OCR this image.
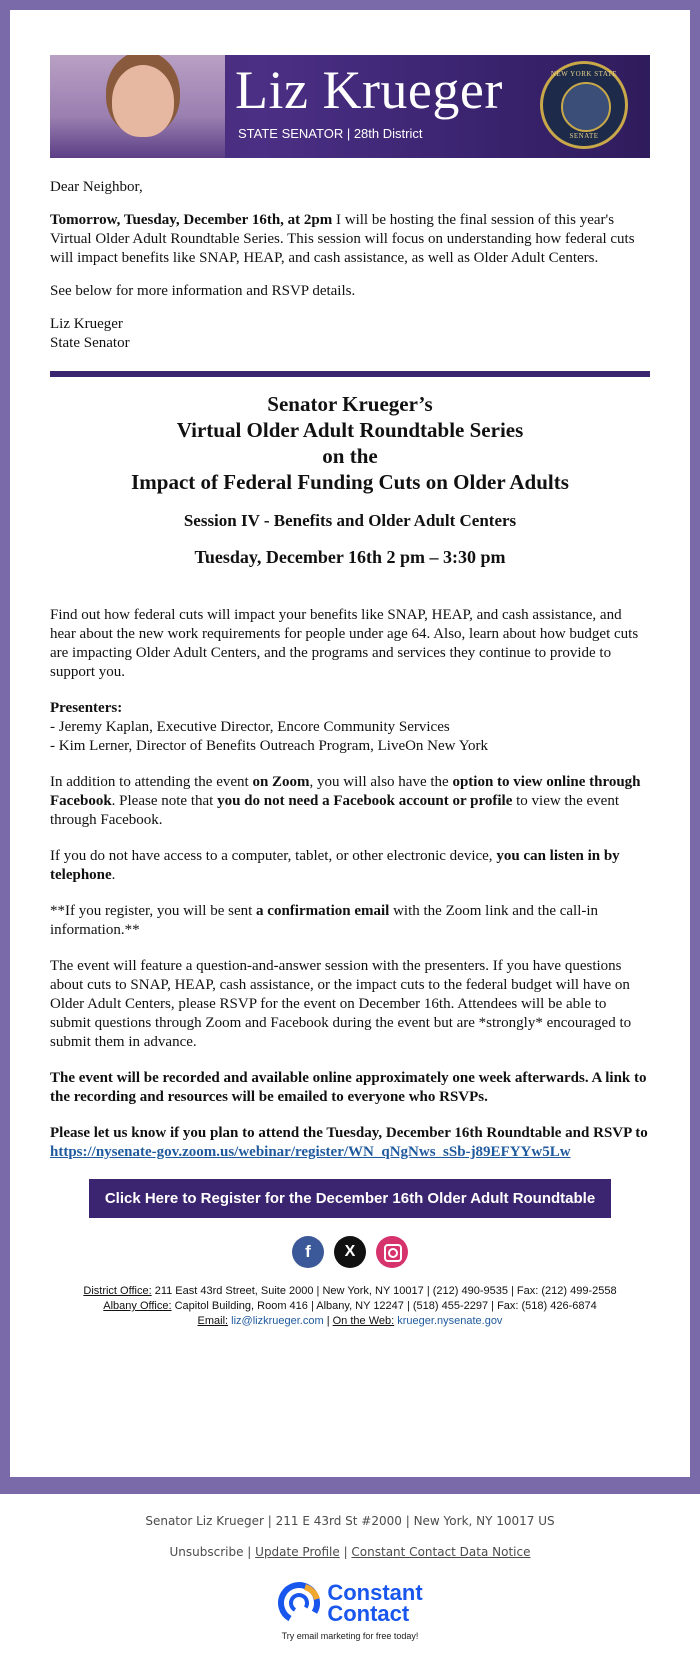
Liz Krueger
STATE SENATOR | 28th District
NEW YORK STATE
SENATE

Dear Neighbor,

Tomorrow, Tuesday, December 16th, at 2pm I will be hosting the final session of this year's Virtual Older Adult Roundtable Series. This session will focus on understanding how federal cuts will impact benefits like SNAP, HEAP, and cash assistance, as well as Older Adult Centers.

See below for more information and RSVP details.

Liz Krueger
State Senator

Senator Krueger’s
Virtual Older Adult Roundtable Series
on the
Impact of Federal Funding Cuts on Older Adults
Session IV - Benefits and Older Adult Centers
Tuesday, December 16th 2 pm – 3:30 pm

Find out how federal cuts will impact your benefits like SNAP, HEAP, and cash assistance, and hear about the new work requirements for people under age 64. Also, learn about how budget cuts are impacting Older Adult Centers, and the programs and services they continue to provide to support you.

Presenters:
- Jeremy Kaplan, Executive Director, Encore Community Services
- Kim Lerner, Director of Benefits Outreach Program, LiveOn New York

In addition to attending the event on Zoom, you will also have the option to view online through Facebook. Please note that you do not need a Facebook account or profile to view the event through Facebook.

If you do not have access to a computer, tablet, or other electronic device, you can listen in by telephone.

**If you register, you will be sent a confirmation email with the Zoom link and the call-in information.**

The event will feature a question-and-answer session with the presenters. If you have questions about cuts to SNAP, HEAP, cash assistance, or the impact cuts to the federal budget will have on Older Adult Centers, please RSVP for the event on December 16th. Attendees will be able to submit questions through Zoom and Facebook during the event but are *strongly* encouraged to submit them in advance.

The event will be recorded and available online approximately one week afterwards. A link to the recording and resources will be emailed to everyone who RSVPs.

Please let us know if you plan to attend the Tuesday, December 16th Roundtable and RSVP to https://nysenate-gov.zoom.us/webinar/register/WN_qNgNws_sSb-j89EFYYw5Lw

Click Here to Register for the December 16th Older Adult Roundtable
f X
District Office: 211 East 43rd Street, Suite 2000 | New York, NY 10017 | (212) 490-9535 | Fax: (212) 499-2558
Albany Office: Capitol Building, Room 416 | Albany, NY 12247 | (518) 455-2297 | Fax: (518) 426-6874
Email: liz@lizkrueger.com | On the Web: krueger.nysenate.gov
Senator Liz Krueger | 211 E 43rd St #2000 | New York, NY 10017 US
Unsubscribe | Update Profile | Constant Contact Data Notice
Constant
Contact
Try email marketing for free today!
